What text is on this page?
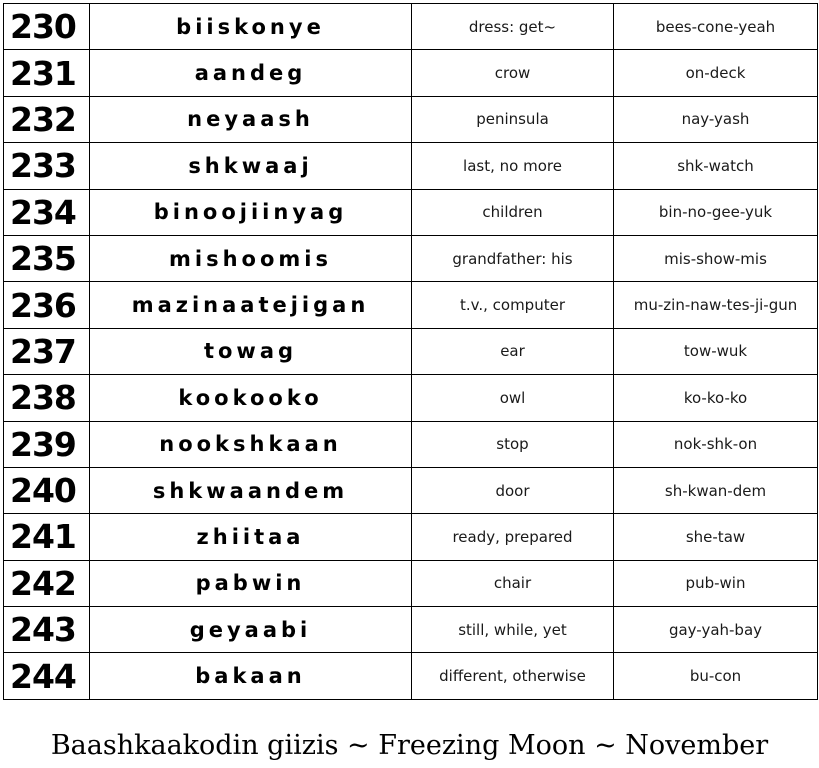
230	biiskonye	dress: get~	bees-cone-yeah
231	aandeg	crow	on-deck
232	neyaash	peninsula	nay-yash
233	shkwaaj	last, no more	shk-watch
234	binoojiinyag	children	bin-no-gee-yuk
235	mishoomis	grandfather: his	mis-show-mis
236	mazinaatejigan	t.v., computer	mu-zin-naw-tes-ji-gun
237	towag	ear	tow-wuk
238	kookooko	owl	ko-ko-ko
239	nookshkaan	stop	nok-shk-on
240	shkwaandem	door	sh-kwan-dem
241	zhiitaa	ready, prepared	she-taw
242	pabwin	chair	pub-win
243	geyaabi	still, while, yet	gay-yah-bay
244	bakaan	different, otherwise	bu-con
Baashkaakodin giizis ~ Freezing Moon ~ November
